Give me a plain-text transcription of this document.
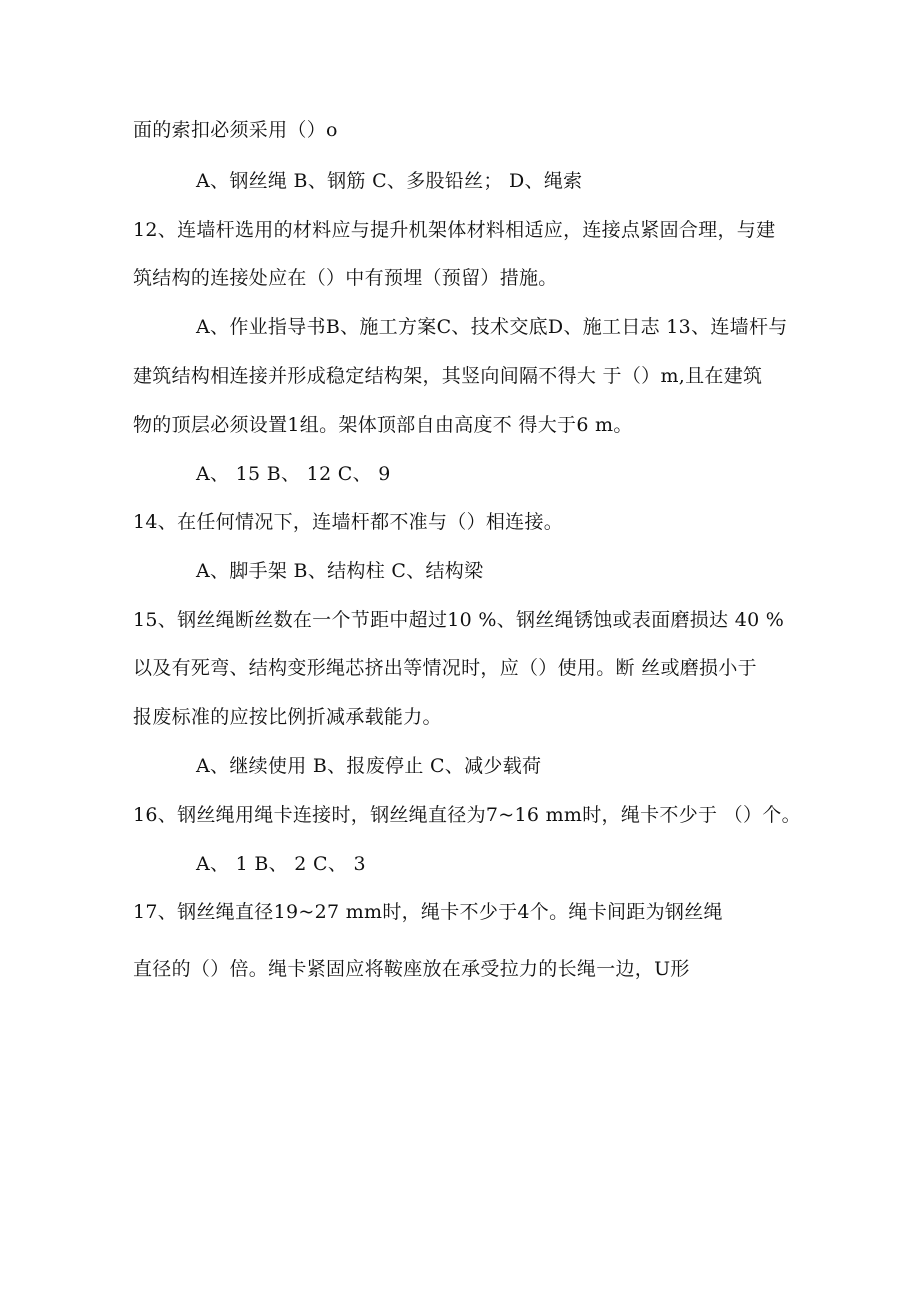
面的索扣必须采用（）o
A、钢丝绳 B、钢筋 C、多股铅丝； D、绳索
12、连墙杆选用的材料应与提升机架体材料相适应，连接点紧固合理，与建
筑结构的连接处应在（）中有预埋（预留）措施。
A、作业指导书B、施工方案C、技术交底D、施工日志 13、连墙杆与
建筑结构相连接并形成稳定结构架，其竖向间隔不得大 于（）m,且在建筑
物的顶层必须设置1组。架体顶部自由高度不 得大于6 m。
A、 15 B、 12 C、 9
14、在任何情况下，连墙杆都不准与（）相连接。
A、脚手架 B、结构柱 C、结构梁
15、钢丝绳断丝数在一个节距中超过10 %、钢丝绳锈蚀或表面磨损达 40 %
以及有死弯、结构变形绳芯挤出等情况时，应（）使用。断 丝或磨损小于
报废标准的应按比例折减承载能力。
A、继续使用 B、报废停止 C、减少载荷
16、钢丝绳用绳卡连接时，钢丝绳直径为7~16 mm时，绳卡不少于 （）个。
A、 1 B、 2 C、 3
17、钢丝绳直径19~27 mm时，绳卡不少于4个。绳卡间距为钢丝绳
直径的（）倍。绳卡紧固应将鞍座放在承受拉力的长绳一边，U形
